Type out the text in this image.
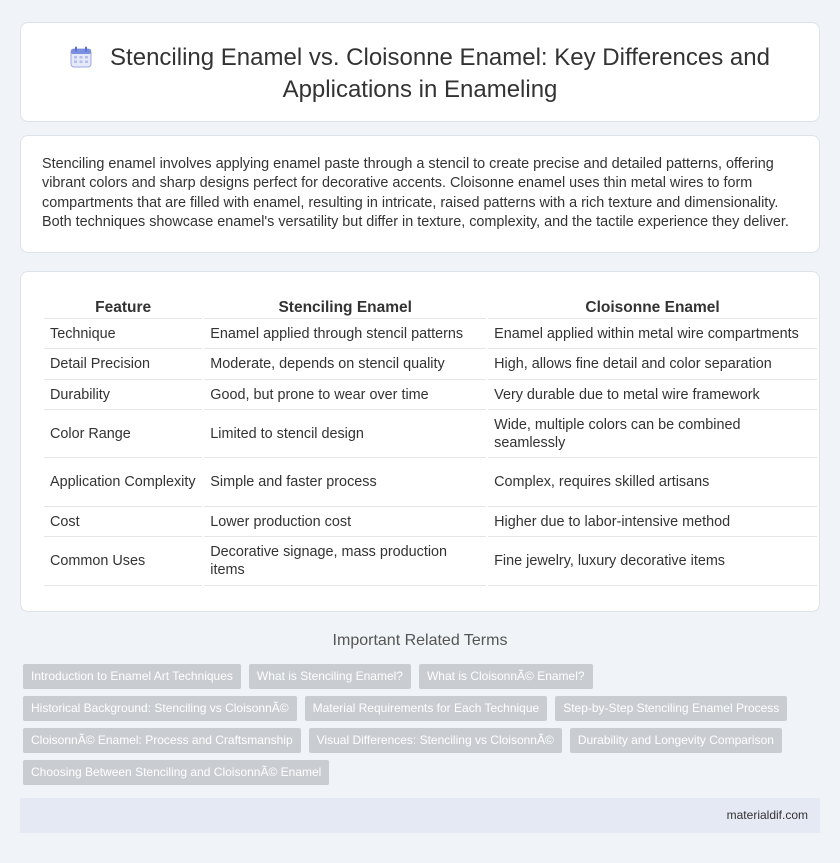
Stenciling Enamel vs. Cloisonne Enamel: Key Differences and Applications in Enameling

Stenciling enamel involves applying enamel paste through a stencil to create precise and detailed patterns, offering vibrant colors and sharp designs perfect for decorative accents. Cloisonne enamel uses thin metal wires to form compartments that are filled with enamel, resulting in intricate, raised patterns with a rich texture and dimensionality. Both techniques showcase enamel's versatility but differ in texture, complexity, and the tactile experience they deliver.

Feature	Stenciling Enamel	Cloisonne Enamel
Technique	Enamel applied through stencil patterns	Enamel applied within metal wire compartments
Detail Precision	Moderate, depends on stencil quality	High, allows fine detail and color separation
Durability	Good, but prone to wear over time	Very durable due to metal wire framework
Color Range	Limited to stencil design	Wide, multiple colors can be combined seamlessly
Application Complexity	Simple and faster process	Complex, requires skilled artisans
Cost	Lower production cost	Higher due to labor-intensive method
Common Uses	Decorative signage, mass production items	Fine jewelry, luxury decorative items
Important Related Terms
Introduction to Enamel Art Techniques	What is Stenciling Enamel?	What is CloisonnÃ© Enamel?
Historical Background: Stenciling vs CloisonnÃ©	Material Requirements for Each Technique	Step-by-Step Stenciling Enamel Process
CloisonnÃ© Enamel: Process and Craftsmanship	Visual Differences: Stenciling vs CloisonnÃ©	Durability and Longevity Comparison
Choosing Between Stenciling and CloisonnÃ© Enamel
materialdif.com
